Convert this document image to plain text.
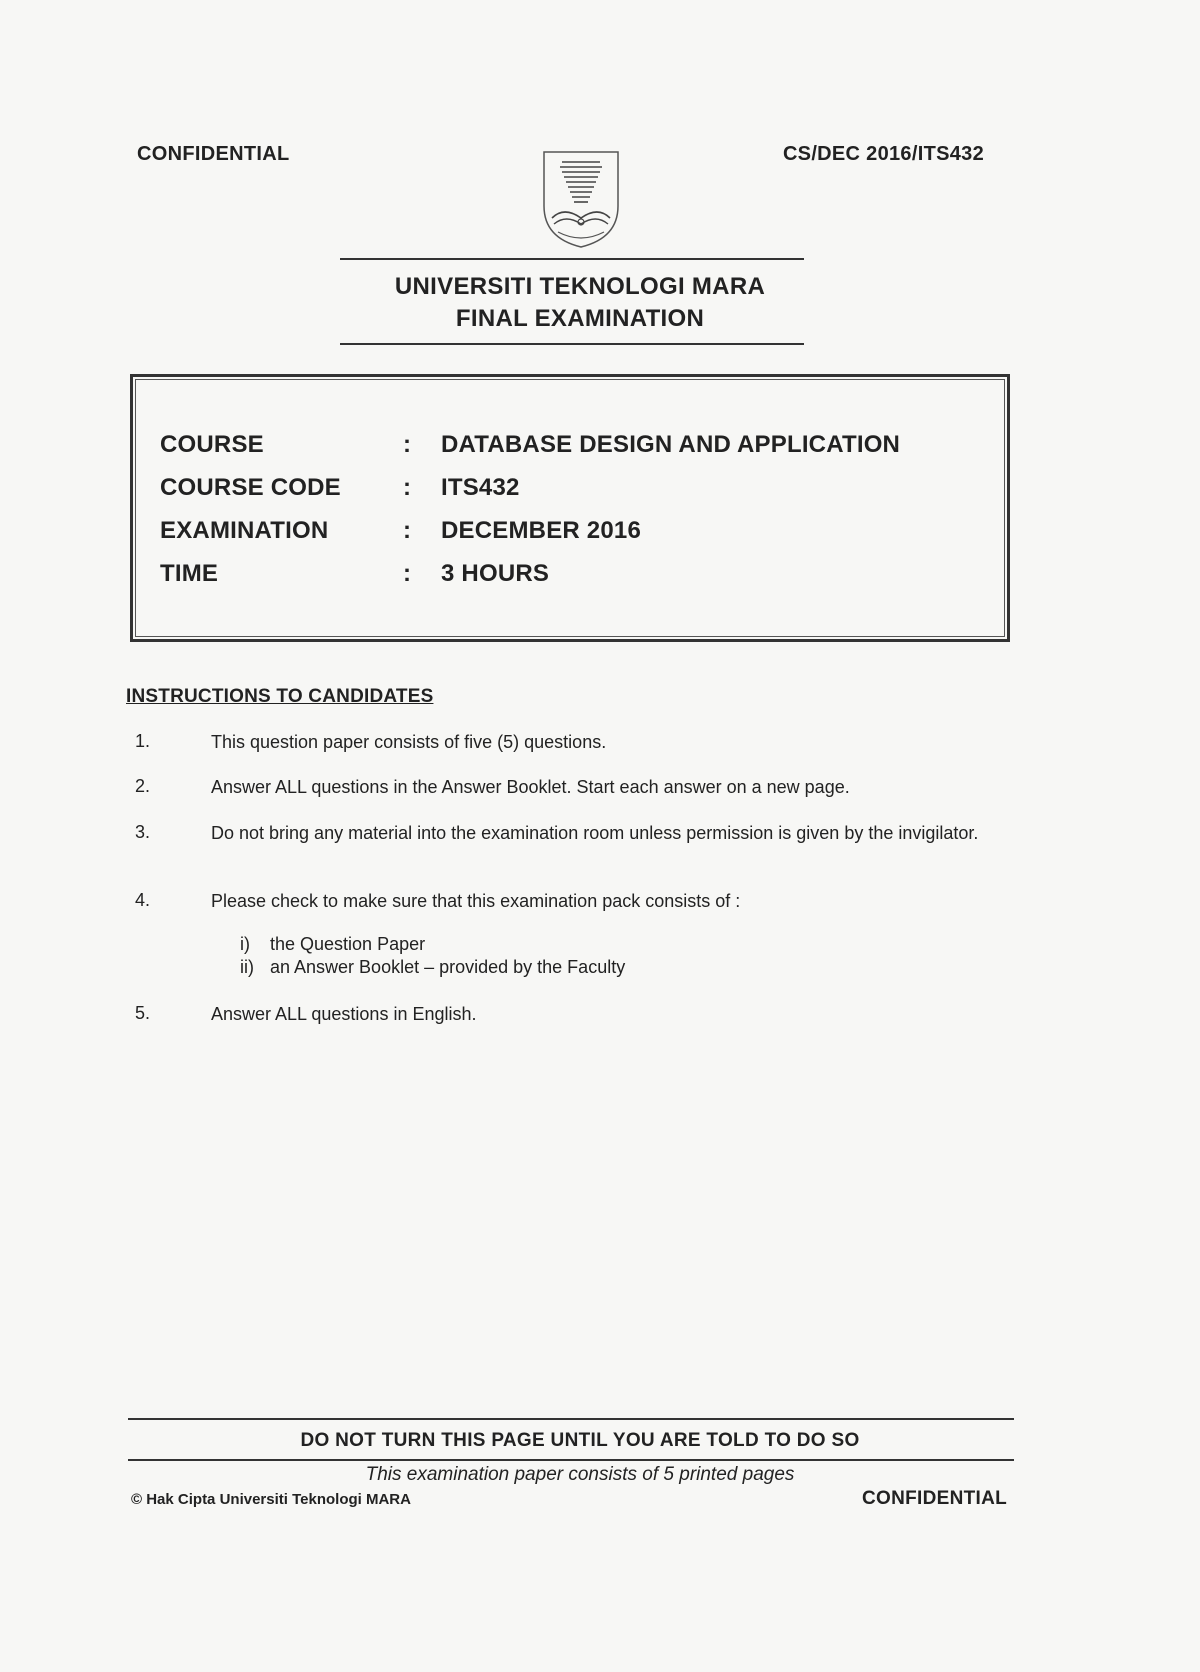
CONFIDENTIAL	CS/DEC 2016/ITS432
UNIVERSITI TEKNOLOGI MARA
FINAL EXAMINATION
COURSE	: DATABASE DESIGN AND APPLICATION
COURSE CODE	: ITS432
EXAMINATION	: DECEMBER 2016
TIME	: 3 HOURS
INSTRUCTIONS TO CANDIDATES
1.	This question paper consists of five (5) questions.
2.	Answer ALL questions in the Answer Booklet. Start each answer on a new page.
3.	Do not bring any material into the examination room unless permission is given by the invigilator.
4.	Please check to make sure that this examination pack consists of :
i) the Question Paper
ii) an Answer Booklet – provided by the Faculty
5.	Answer ALL questions in English.
DO NOT TURN THIS PAGE UNTIL YOU ARE TOLD TO DO SO
This examination paper consists of 5 printed pages
© Hak Cipta Universiti Teknologi MARA	CONFIDENTIAL
